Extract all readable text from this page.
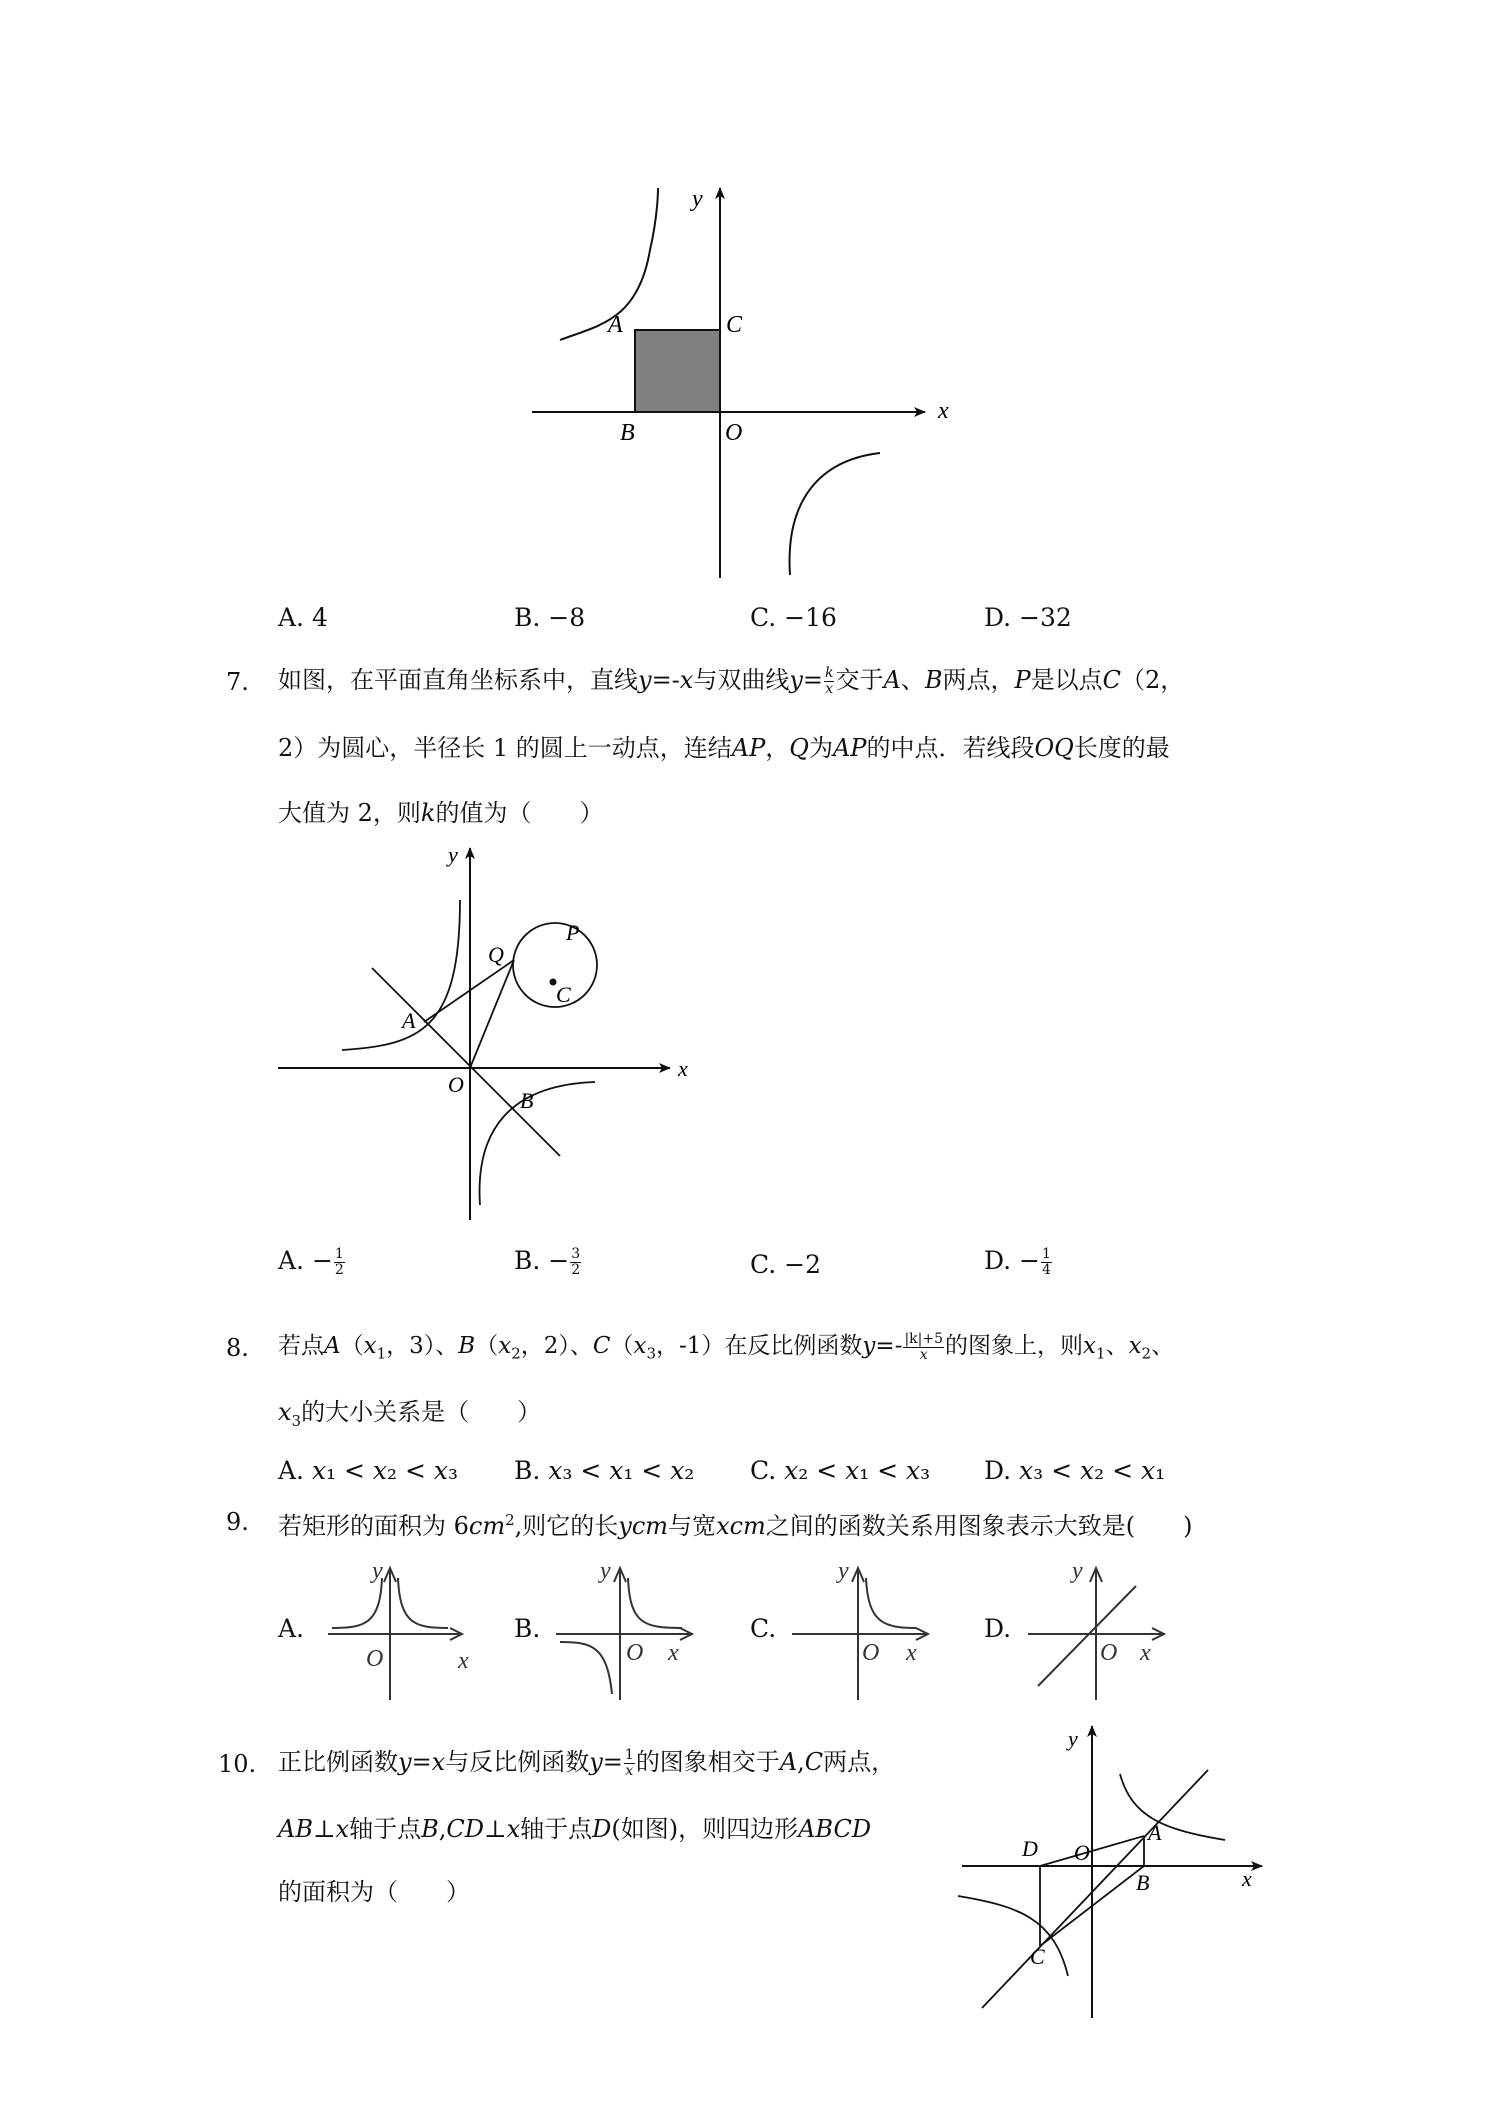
y
x
A	C
B	O
A. 4	B. −8	C. −16	D. −32
7. 如图，在平面直角坐标系中，直线y=-x与双曲线$y= \frac{k}{x}$ 交于A、B两点，P是以点C（2，
2）为圆心，半径长 1 的圆上一动点，连结AP，Q为AP的中点．若线段OQ长度的最
大值为 2，则k的值为（　　）
y
x
Q
P
C
A
O
B
A. − $\frac{1}{2}$	B. − $\frac{3}{2}$	C. −2	D. − $\frac{1}{4}$
8. 若点$A(x_1$，3）、$B(x_2$，2）、$C(x_3$，-1）在反比例函数$y=- \frac{|k|+5}{x}$ 的图象上，则$x_1$、$x_2$、
$x_3$的大小关系是（　　）
A. 𝑥₁ < 𝑥₂ < 𝑥₃ B. 𝑥₃ < 𝑥₁ < 𝑥₂ C. 𝑥₂ < 𝑥₁ < 𝑥₃ D. 𝑥₃ < 𝑥₂ < 𝑥₁
9. 若矩形的面积为 $6cm^2$,则它的长ycm与宽xcm之间的函数关系用图象表示大致是(　　)
A.
y
O	x
B.
y
O x
C.
y
O x
D.
y
O x
10. 正比例函数y=x与反比例函数$y= \frac{1}{x}$ 的图象相交于A,C两点，
AB⊥x轴于点B,CD⊥x轴于点D(如图)，则四边形ABCD
的面积为（　　）
y
x
A
B
D O
C
